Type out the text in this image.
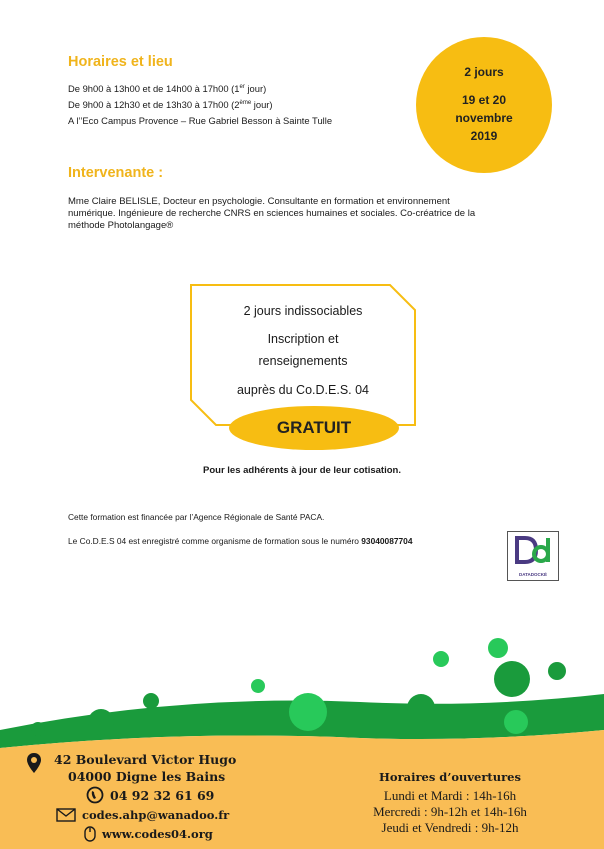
Horaires et lieu
De 9h00 à 13h00 et de 14h00 à 17h00 (1er jour)
De 9h00 à 12h30 et de 13h30 à 17h00 (2ème jour)
A l’’Eco Campus Provence – Rue Gabriel Besson à Sainte Tulle
2 jours
19 et 20
novembre
2019
Intervenante :
Mme Claire BELISLE, Docteur en psychologie. Consultante en formation et environnement numérique. Ingénieure de recherche CNRS en sciences humaines et sociales. Co-créatrice de la méthode Photolangage®
2 jours indissociables
Inscription et
renseignements
auprès du Co.D.E.S. 04
GRATUIT
Pour les adhérents à jour de leur cotisation.
Cette formation est financée par l’Agence Régionale de Santé PACA.
Le Co.D.E.S 04 est enregistré comme organisme de formation sous le numéro 93040087704
DATADOCKÉ
42 Boulevard Victor Hugo
04000 Digne les Bains
04 92 32 61 69
codes.ahp@wanadoo.fr
www.codes04.org
Horaires d’ouvertures
Lundi et Mardi : 14h-16h
Mercredi : 9h-12h et 14h-16h
Jeudi et Vendredi : 9h-12h
